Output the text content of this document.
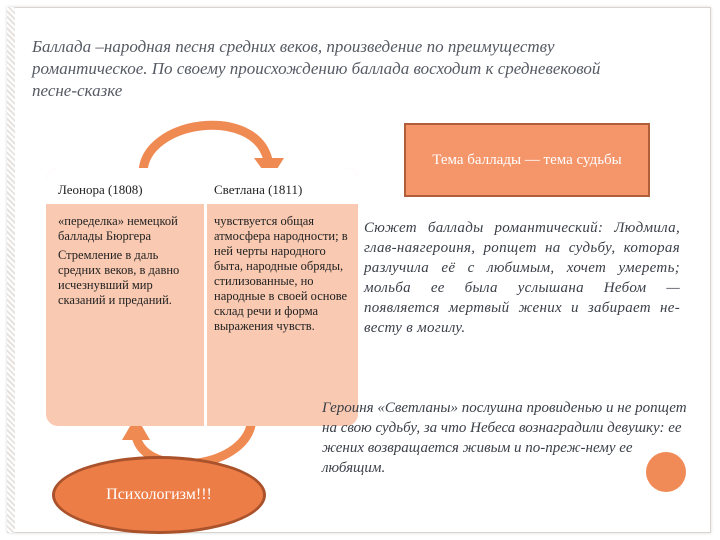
Баллада –народная песня средних веков, произведение по преимуществу романтическое. По своему происхождению баллада восходит к средневековой песне-сказке

Тема баллады — тема судьбы
Леонора (1808)	Светлана (1811)

«переделка» немецкой баллады Бюргера

Стремление в даль средних веков, в давно исчезнувший мир сказаний и преданий.

чувствуется общая атмосфера народности; в ней черты народного быта, народные обряды, стилизованные, но народные в своей основе склад речи и форма выражения чувств.

Сюжет баллады романтический: Людмила, глав-наягероиня, ропщет на судьбу, которая разлучила её с любимым, хочет умереть; мольба ее была услышана Небом — появляется мертвый жених и забирает не-весту в могилу.

Героиня «Светланы» послушна провиденью и не ропщет на свою судьбу, за что Небеса вознаградили девушку: ее жених возвращается живым и по-преж-нему ее любящим.

Психологизм!!!
